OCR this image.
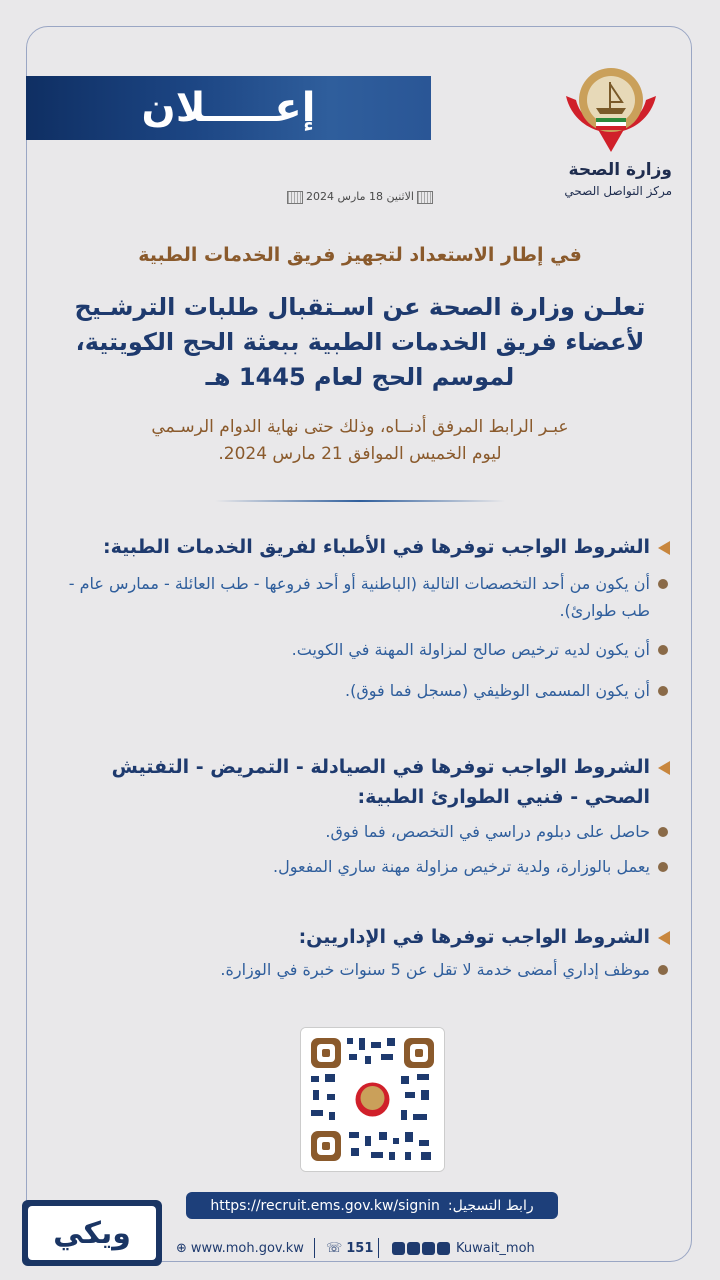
إعـــــلان
وزارة الصحة
مركز التواصل الصحي
الاثنين 18 مارس 2024
في إطار الاستعداد لتجهيز فريق الخدمات الطبية
تعلـن وزارة الصحة عن اسـتقبال طلبات الترشـيح
لأعضاء فريق الخدمات الطبية ببعثة الحج الكويتية،
لموسم الحج لعام 1445 هـ
عبـر الرابط المرفق أدنــاه، وذلك حتى نهاية الدوام الرسـمي
ليوم الخميس الموافق 21 مارس 2024.
الشروط الواجب توفرها في الأطباء لفريق الخدمات الطبية:
أن يكون من أحد التخصصات التالية (الباطنية أو أحد فروعها - طب العائلة - ممارس عام - طب طوارئ).
أن يكون لديه ترخيص صالح لمزاولة المهنة في الكويت.
أن يكون المسمى الوظيفي (مسجل فما فوق).
الشروط الواجب توفرها في الصيادلة - التمريض - التفتيش الصحي - فنيي الطوارئ الطبية:
حاصل على دبلوم دراسي في التخصص، فما فوق.
يعمل بالوزارة، ولدية ترخيص مزاولة مهنة ساري المفعول.
الشروط الواجب توفرها في الإداريين:
موظف إداري أمضى خدمة لا تقل عن 5 سنوات خبرة في الوزارة.
https://recruit.ems.gov.kw/signin رابط التسجيل:
ويكي	⊕ www.moh.gov.kw ☏ 151	Kuwait_moh
